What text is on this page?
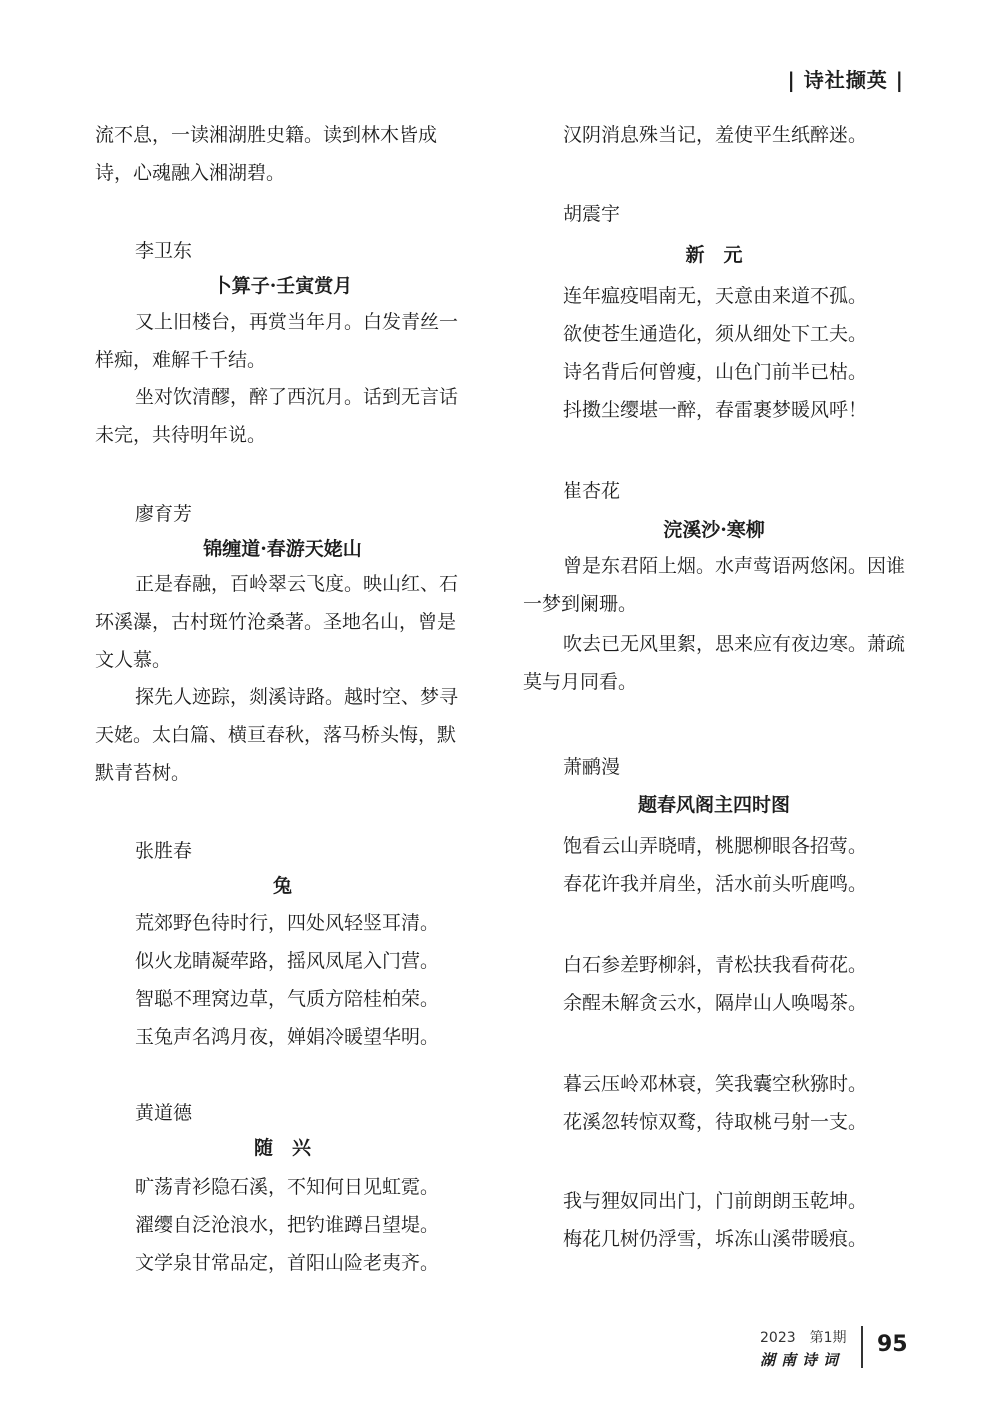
| 诗社撷英 |

流不息，一读湘湖胜史籍。读到林木皆成诗，心魂融入湘湖碧。

李卫东
卜算子·壬寅赏月

又上旧楼台，再赏当年月。白发青丝一样痴，难解千千结。

坐对饮清醪，醉了西沉月。话到无言话未完，共待明年说。

廖育芳
锦缠道·春游天姥山

正是春融，百岭翠云飞度。映山红、石环溪瀑，古村斑竹沧桑著。圣地名山，曾是文人慕。

探先人迹踪，剡溪诗路。越时空、梦寻天姥。太白篇、横亘春秋，落马桥头悔，默默青苔树。

张胜春
兔
荒郊野色待时行，四处风轻竖耳清。
似火龙睛凝荦路，摇风凤尾入门营。
智聪不理窝边草，气质方陪桂柏荣。
玉兔声名鸿月夜，婵娟冷暖望华明。
黄道德
随　兴
旷荡青衫隐石溪，不知何日见虹霓。
濯缨自泛沧浪水，把钓谁蹲吕望堤。
文学泉甘常品定，首阳山险老夷齐。
汉阴消息殊当记，羞使平生纸醉迷。
胡震宇
新　元
连年瘟疫唱南无，天意由来道不孤。
欲使苍生通造化，须从细处下工夫。
诗名背后何曾瘦，山色门前半已枯。
抖擞尘缨堪一醉，春雷裹梦暖风呼！
崔杏花
浣溪沙·寒柳

曾是东君陌上烟。水声莺语两悠闲。因谁一梦到阑珊。

吹去已无风里絮，思来应有夜边寒。萧疏莫与月同看。

萧鹂漫
题春风阁主四时图
饱看云山弄晓晴，桃腮柳眼各招莺。
春花许我并肩坐，活水前头听鹿鸣。
白石参差野柳斜，青松扶我看荷花。
余酲未解贪云水，隔岸山人唤喝茶。
暮云压岭邓林衰，笑我囊空秋猕时。
花溪忽转惊双鹜，待取桃弓射一支。
我与狸奴同出门，门前朗朗玉乾坤。
梅花几树仍浮雪，坼冻山溪带暖痕。
2023　第1期
湖南诗词
95
